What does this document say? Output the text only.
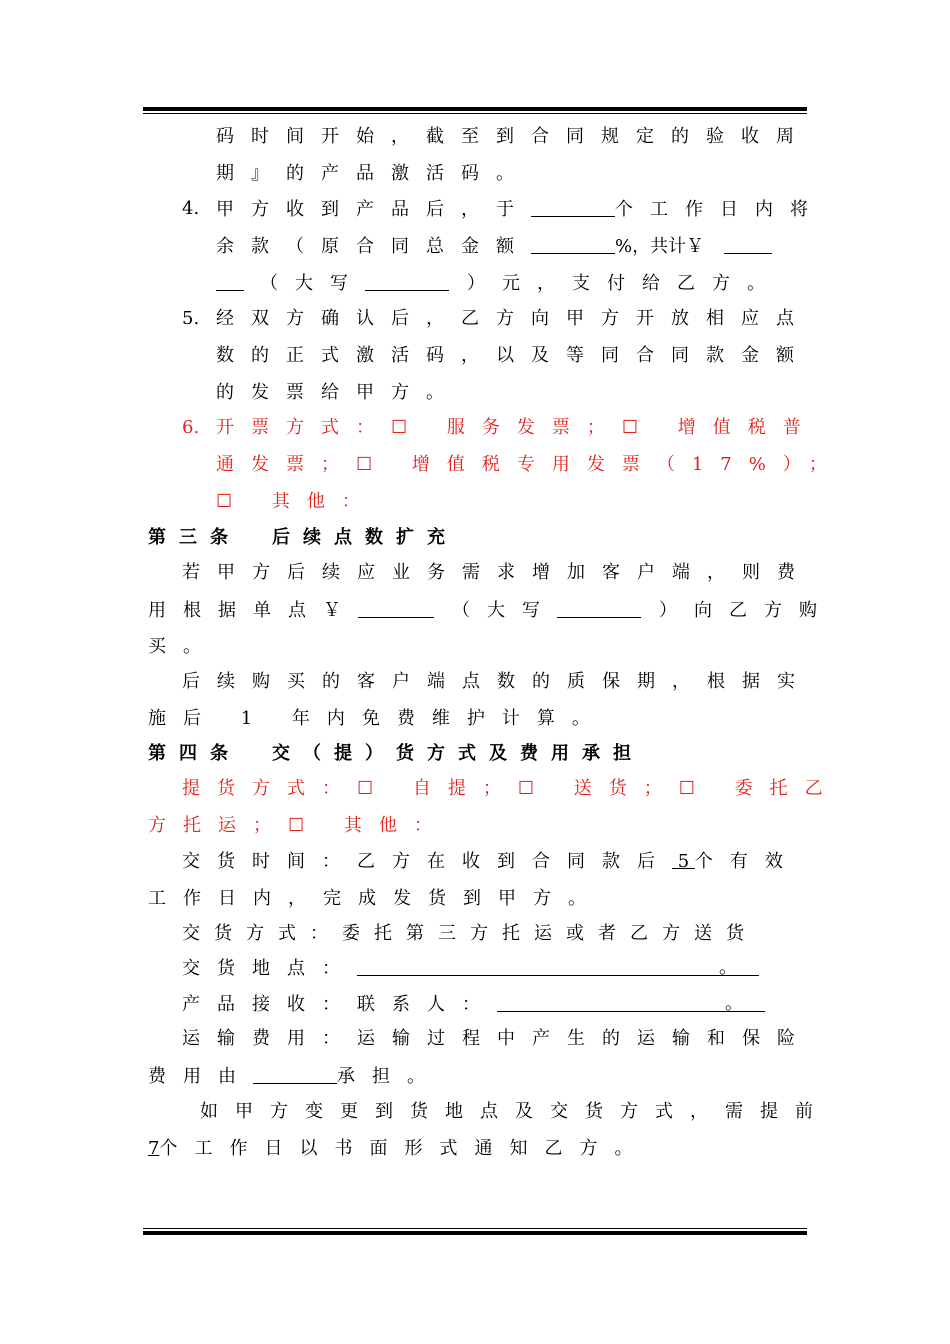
码时间开始，截至到合同规定的验收周
期』的产品激活码。
4. 甲方收到产品后，于	个工作日内将
余款（原合同总金额	%，共计￥
（大写	）元，支付给乙方。
5. 经双方确认后，乙方向甲方开放相应点
数的正式激活码，以及等同合同款金额
的发票给甲方。
6. 开票方式：☐ 服务发票；☐ 增值税普
通发票；☐ 增值税专用发票（17%）；
☐ 其他：
第三条　后续点数扩充
若甲方后续应业务需求增加客户端，则费
用根据单点￥	（大写	）向乙方购
买。
后续购买的客户端点数的质保期，根据实
施后 1 年内免费维护计算。
第四条　交（提）货方式及费用承担
提货方式：☐ 自提；☐ 送货；☐ 委托乙
方托运；☐ 其他：
交货时间：乙方在收到合同款后 5 个有效
工作日内，完成发货到甲方。
交货方式：委托第三方托运或者乙方送货
交货地点：	。
产品接收：联系人：	。
运输费用：运输过程中产生的运输和保险
费用由	承担。
如甲方变更到货地点及交货方式，需提前
7个工作日以书面形式通知乙方。
